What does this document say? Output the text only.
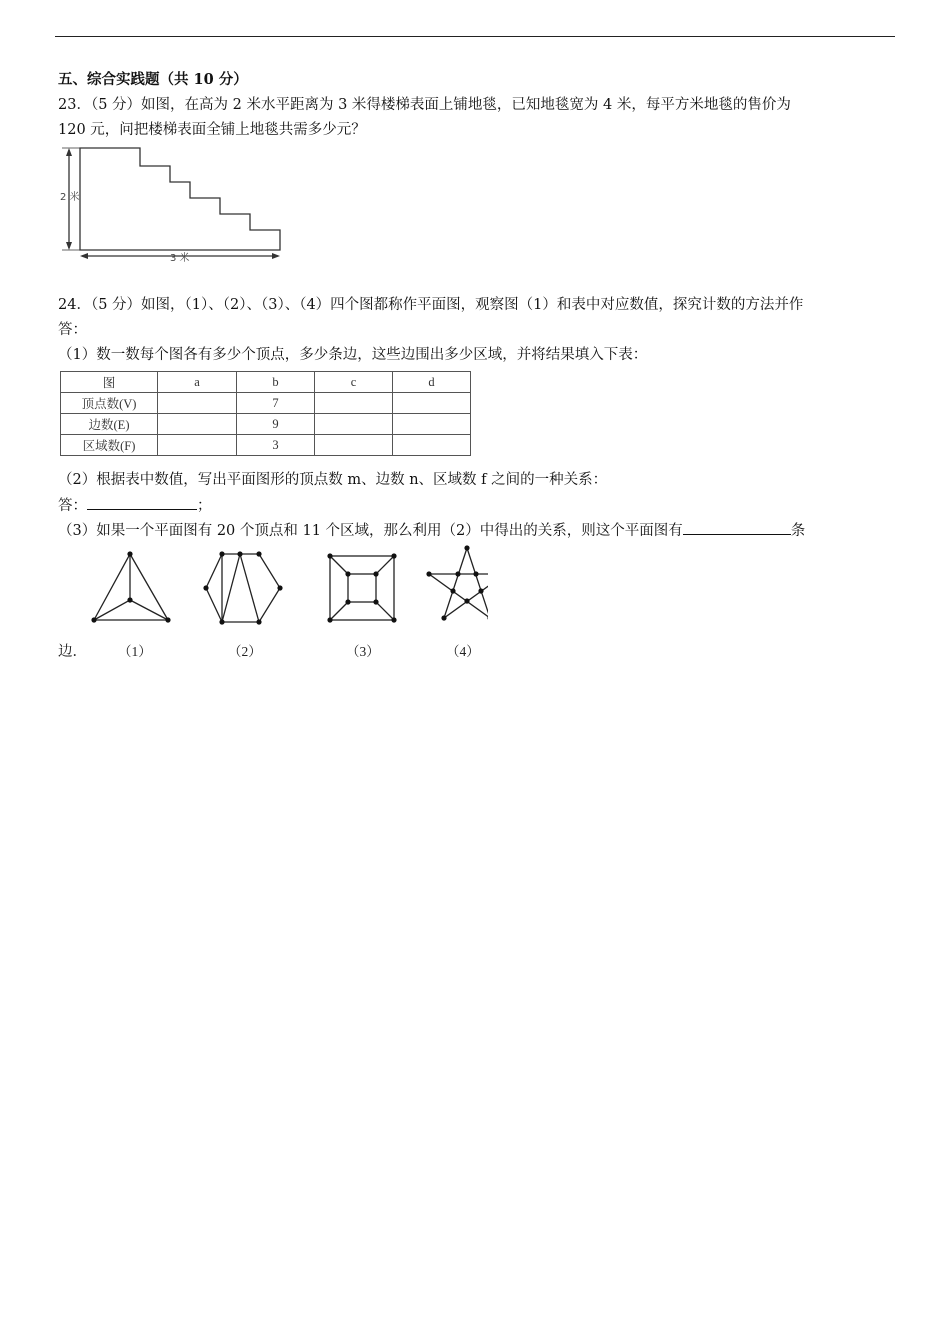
五、综合实践题（共 10 分）
23．（5 分）如图，在高为 2 米水平距离为 3 米得楼梯表面上铺地毯，已知地毯宽为 4 米，每平方米地毯的售价为
120 元，问把楼梯表面全铺上地毯共需多少元？
2 米
3 米
24．（5 分）如图，（1）、（2）、（3）、（4）四个图都称作平面图，观察图（1）和表中对应数值，探究计数的方法并作
答：
（1）数一数每个图各有多少个顶点，多少条边，这些边围出多少区域，并将结果填入下表：
图	a	b	c	d
顶点数(V)		7		
边数(E)		9		
区域数(F)		3		
（2）根据表中数值，写出平面图形的顶点数 m、边数 n、区域数 f 之间的一种关系：
答：	；
（3）如果一个平面图有 20 个顶点和 11 个区域，那么利用（2）中得出的关系，则这个平面图有	条
边． （1）	（2）	（3）	（4）
